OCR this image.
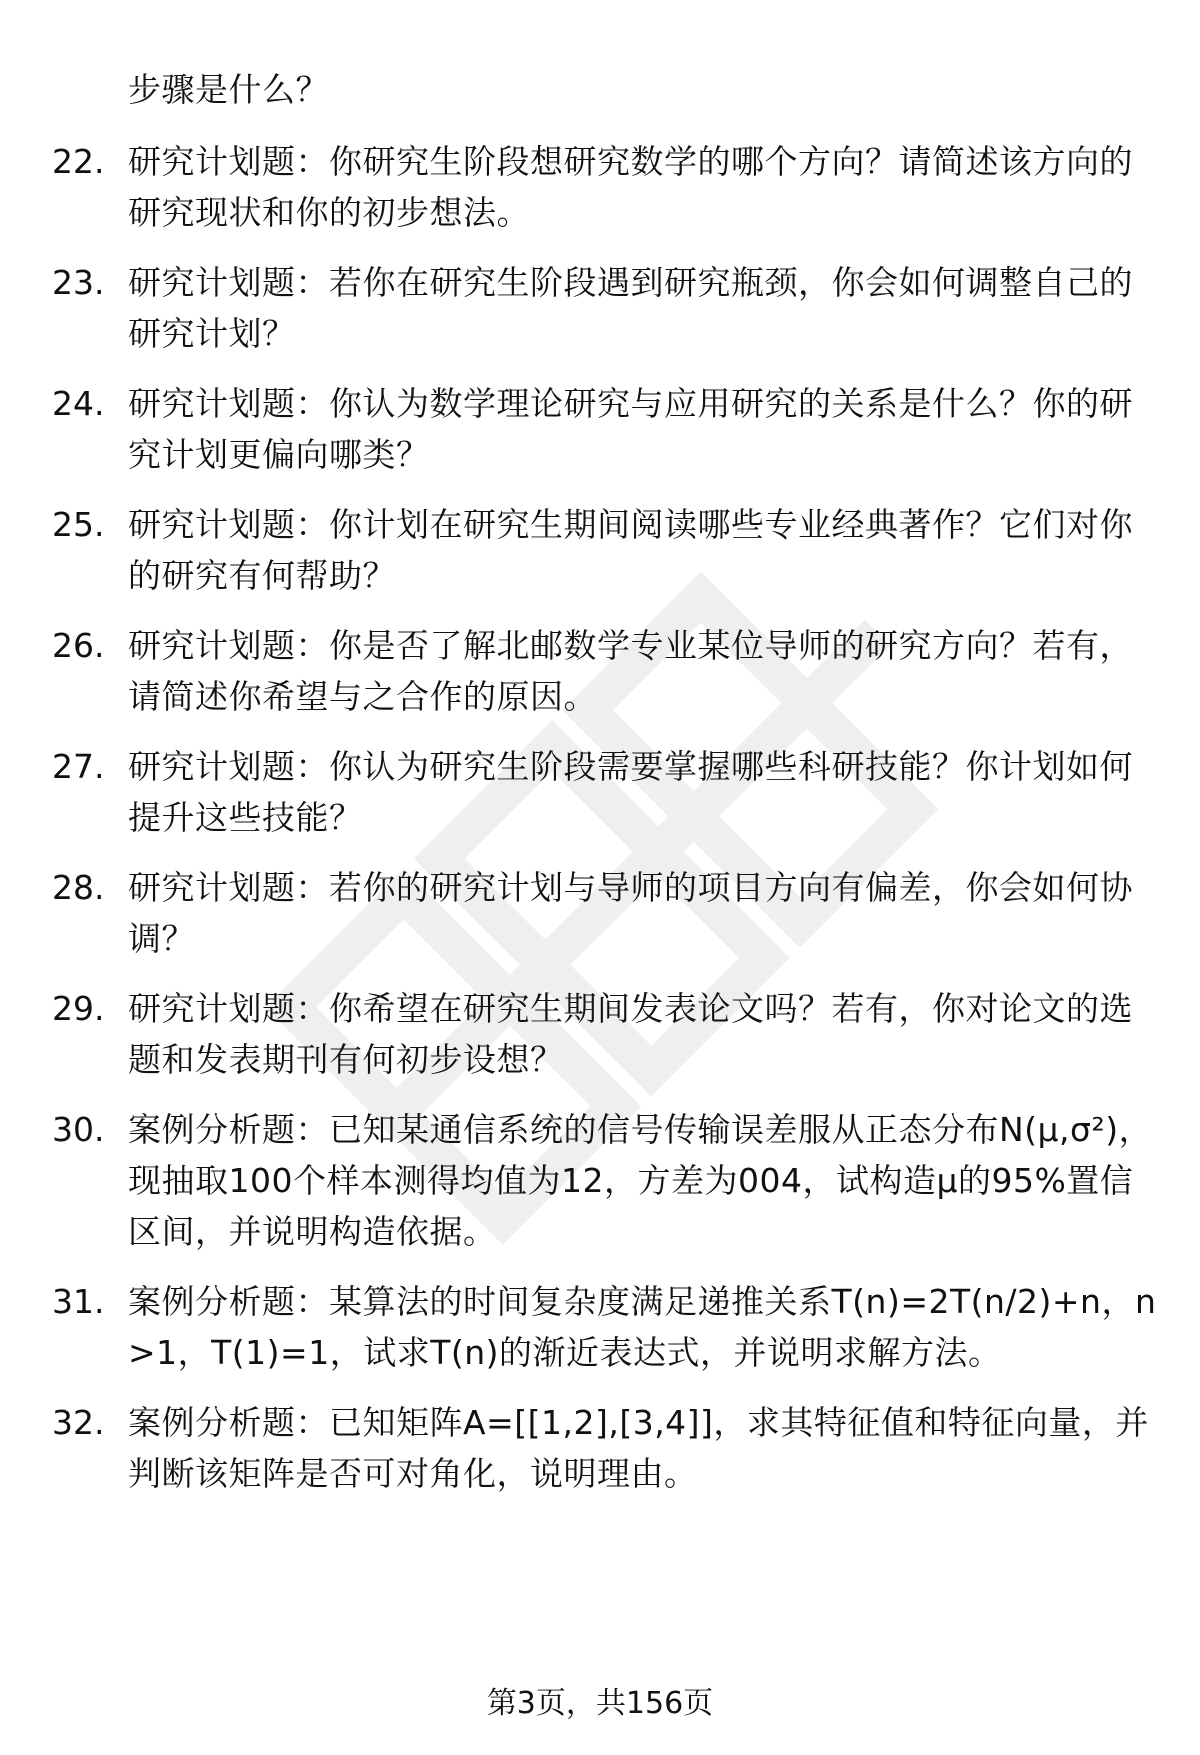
步骤是什么？
22. 研究计划题：你研究生阶段想研究数学的哪个方向？请简述该方向的研究现状和你的初步想法。
23. 研究计划题：若你在研究生阶段遇到研究瓶颈，你会如何调整自己的研究计划？
24. 研究计划题：你认为数学理论研究与应用研究的关系是什么？你的研究计划更偏向哪类？
25. 研究计划题：你计划在研究生期间阅读哪些专业经典著作？它们对你的研究有何帮助？
26. 研究计划题：你是否了解北邮数学专业某位导师的研究方向？若有，请简述你希望与之合作的原因。
27. 研究计划题：你认为研究生阶段需要掌握哪些科研技能？你计划如何提升这些技能？
28. 研究计划题：若你的研究计划与导师的项目方向有偏差，你会如何协调？
29. 研究计划题：你希望在研究生期间发表论文吗？若有，你对论文的选题和发表期刊有何初步设想？
30. 案例分析题：已知某通信系统的信号传输误差服从正态分布N(μ,σ²)，现抽取100个样本测得均值为12，方差为004，试构造μ的95%置信区间，并说明构造依据。
31. 案例分析题：某算法的时间复杂度满足递推关系T(n)=2T(n/2)+n，n>1，T(1)=1，试求T(n)的渐近表达式，并说明求解方法。
32. 案例分析题：已知矩阵A=[[1,2],[3,4]]，求其特征值和特征向量，并判断该矩阵是否可对角化，说明理由。
第3页，共156页
